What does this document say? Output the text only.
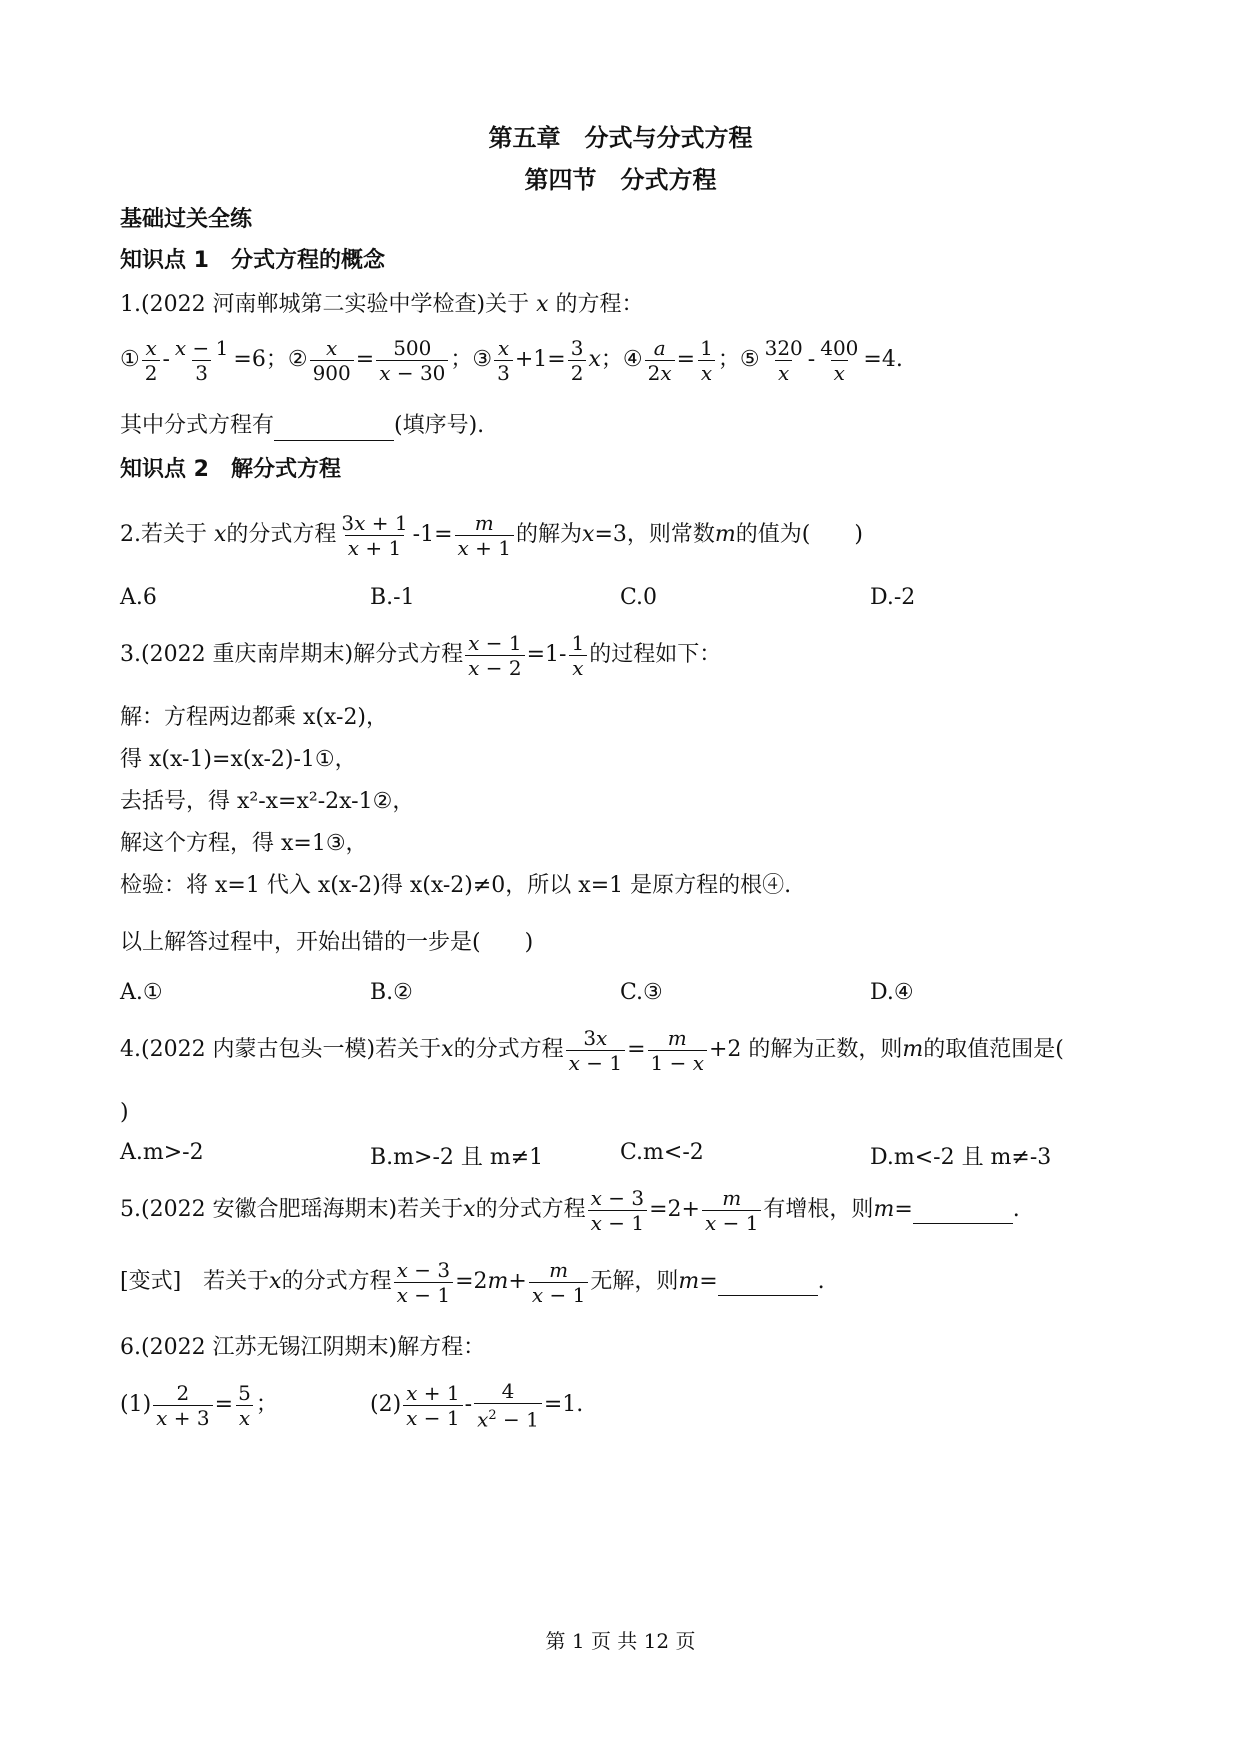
第五章　分式与分式方程
第四节　分式方程
基础过关全练
知识点 1　分式方程的概念
1.(2022 河南郸城第二实验中学检查)关于 x 的方程：
① $\frac{x}{2} - \frac{x - 1}{3} =6$； ② $\frac{x}{900} = \frac{500}{x - 30}$ ； ③ $\frac{x}{3} +1= \frac{3}{2}$ x； ④ $\frac{a}{2x} = \frac{1}{x}$ ； ⑤ $\frac{320}{x} - \frac{400}{x} =4$.
其中分式方程有	(填序号).
知识点 2　解分式方程
2.若关于 x 的分式方程 $\frac{3x + 1}{x + 1} -1= \frac{m}{x + 1}$ 的解为 x =3，则常数 m 的值为(　　)
A.6	B.-1	C.0	D.-2
3.(2022 重庆南岸期末)解分式方程 $\frac{x - 1}{x - 2} =1- \frac{1}{x}$ 的过程如下：
解：方程两边都乘 x(x-2)，
得 x(x-1)=x(x-2)-1①，
去括号，得 x²-x=x²-2x-1②，
解这个方程，得 x=1③，
检验：将 x=1 代入 x(x-2)得 x(x-2)≠0，所以 x=1 是原方程的根④.
以上解答过程中，开始出错的一步是(　　)
A.①	B.②	C.③	D.④
4.(2022 内蒙古包头一模)若关于 x 的分式方程 $\frac{3x}{x - 1} = \frac{m}{1 - x} +2$ 的解为正数，则 m 的取值范围是(
)
A.m>-2	B.m>-2 且 m≠1	C.m<-2	D.m<-2 且 m≠-3
5.(2022 安徽合肥瑶海期末)若关于 x 的分式方程 $\frac{x - 3}{x - 1} =2+ \frac{m}{x - 1}$ 有增根，则 m =	.
[变式]　若关于 x 的分式方程 $\frac{x - 3}{x - 1} =2$ $m + \frac{m}{x - 1}$ 无解，则 m =	.
6.(2022 江苏无锡江阴期末)解方程：
$(1) \frac{2}{x + 3} = \frac{5}{x}$ ；	$(2) \frac{x + 1}{x - 1} - \frac{4}{x^2 - 1} =1$.
第 1 页 共 12 页
